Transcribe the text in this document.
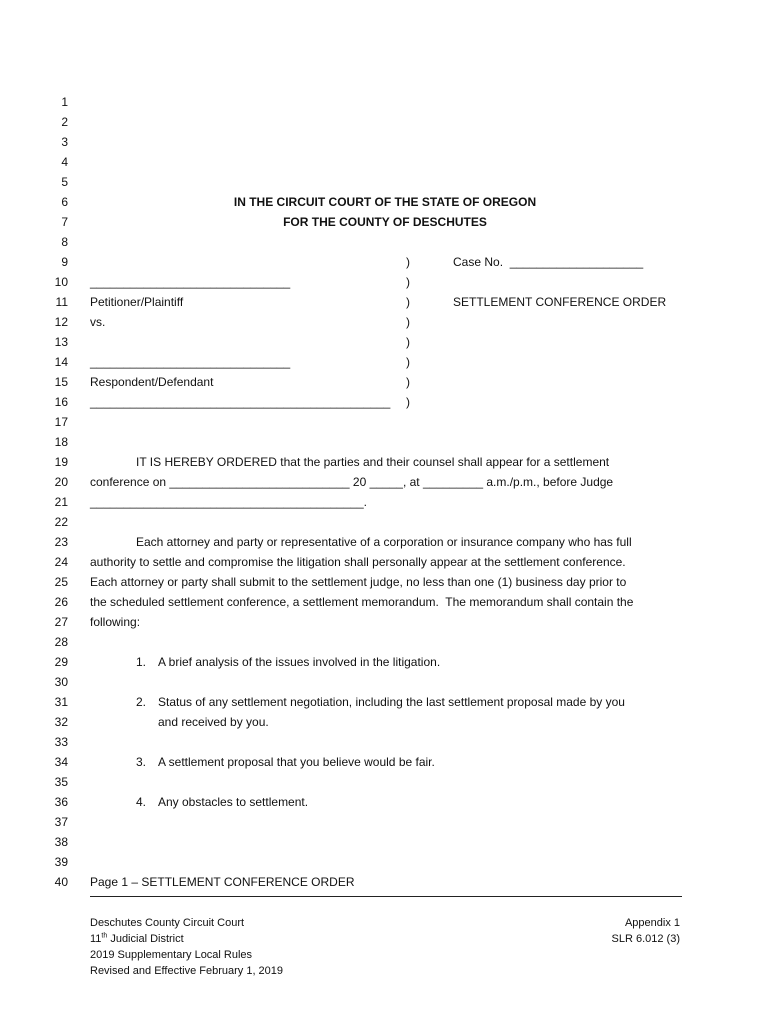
1
2
3
4
5
6
7
8
9
10
11
12
13
14
15
16
17
18
19
20
21
22
23
24
25
26
27
28
29
30
31
32
33
34
35
36
37
38
39
40
IN THE CIRCUIT COURT OF THE STATE OF OREGON
FOR THE COUNTY OF DESCHUTES
)
)
)
)
)
)
)
)
Case No.  ____________________
SETTLEMENT CONFERENCE ORDER
______________________________
Petitioner/Plaintiff
vs.
______________________________
Respondent/Defendant
_____________________________________________
IT IS HEREBY ORDERED that the parties and their counsel shall appear for a settlement
conference on ___________________________ 20 _____, at _________ a.m./p.m., before Judge
_________________________________________.
Each attorney and party or representative of a corporation or insurance company who has full
authority to settle and compromise the litigation shall personally appear at the settlement conference.
Each attorney or party shall submit to the settlement judge, no less than one (1) business day prior to
the scheduled settlement conference, a settlement memorandum.  The memorandum shall contain the
following:
1. A brief analysis of the issues involved in the litigation.
2. Status of any settlement negotiation, including the last settlement proposal made by you
and received by you.
3. A settlement proposal that you believe would be fair.
4. Any obstacles to settlement.
Page 1 – SETTLEMENT CONFERENCE ORDER
Deschutes County Circuit Court
11th Judicial District
2019 Supplementary Local Rules
Revised and Effective February 1, 2019
Appendix 1
SLR 6.012 (3)
